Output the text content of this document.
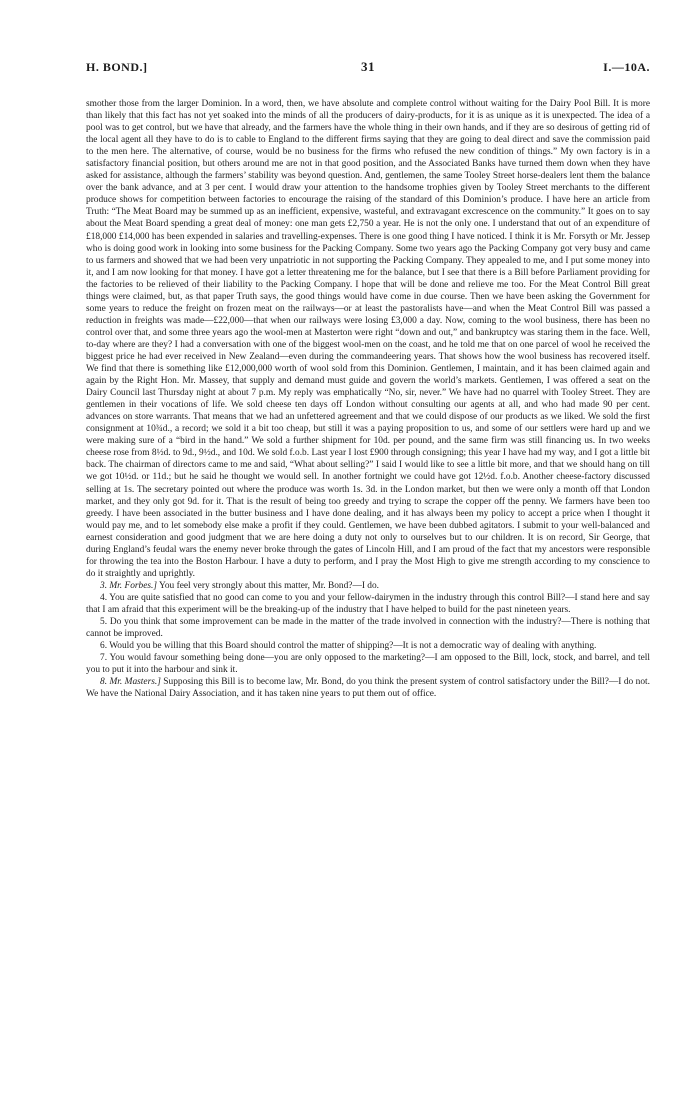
H. BOND.]	31	I.—10A.

smother those from the larger Dominion. In a word, then, we have absolute and complete control without waiting for the Dairy Pool Bill. It is more than likely that this fact has not yet soaked into the minds of all the producers of dairy-products, for it is as unique as it is unexpected. The idea of a pool was to get control, but we have that already, and the farmers have the whole thing in their own hands, and if they are so desirous of getting rid of the local agent all they have to do is to cable to England to the different firms saying that they are going to deal direct and save the commission paid to the men here. The alternative, of course, would be no business for the firms who refused the new condition of things.” My own factory is in a satisfactory financial position, but others around me are not in that good position, and the Associated Banks have turned them down when they have asked for assistance, although the farmers’ stability was beyond question. And, gentlemen, the same Tooley Street horse-dealers lent them the balance over the bank advance, and at 3 per cent. I would draw your attention to the handsome trophies given by Tooley Street merchants to the different produce shows for competition between factories to encourage the raising of the standard of this Dominion’s produce. I have here an article from Truth: “The Meat Board may be summed up as an inefficient, expensive, wasteful, and extravagant excrescence on the community.” It goes on to say about the Meat Board spending a great deal of money: one man gets £2,750 a year. He is not the only one. I understand that out of an expenditure of £18,000 £14,000 has been expended in salaries and travelling-expenses. There is one good thing I have noticed. I think it is Mr. Forsyth or Mr. Jessep who is doing good work in looking into some business for the Packing Company. Some two years ago the Packing Company got very busy and came to us farmers and showed that we had been very unpatriotic in not supporting the Packing Company. They appealed to me, and I put some money into it, and I am now looking for that money. I have got a letter threatening me for the balance, but I see that there is a Bill before Parliament providing for the factories to be relieved of their liability to the Packing Company. I hope that will be done and relieve me too. For the Meat Control Bill great things were claimed, but, as that paper Truth says, the good things would have come in due course. Then we have been asking the Government for some years to reduce the freight on frozen meat on the railways—or at least the pastoralists have—and when the Meat Control Bill was passed a reduction in freights was made—£22,000—that when our railways were losing £3,000 a day. Now, coming to the wool business, there has been no control over that, and some three years ago the wool-men at Masterton were right “down and out,” and bankruptcy was staring them in the face. Well, to-day where are they? I had a conversation with one of the biggest wool-men on the coast, and he told me that on one parcel of wool he received the biggest price he had ever received in New Zealand—even during the commandeering years. That shows how the wool business has recovered itself. We find that there is something like £12,000,000 worth of wool sold from this Dominion. Gentlemen, I maintain, and it has been claimed again and again by the Right Hon. Mr. Massey, that supply and demand must guide and govern the world’s markets. Gentlemen, I was offered a seat on the Dairy Council last Thursday night at about 7 p.m. My reply was emphatically “No, sir, never.” We have had no quarrel with Tooley Street. They are gentlemen in their vocations of life. We sold cheese ten days off London without consulting our agents at all, and who had made 90 per cent. advances on store warrants. That means that we had an unfettered agreement and that we could dispose of our products as we liked. We sold the first consignment at 10¾d., a record; we sold it a bit too cheap, but still it was a paying proposition to us, and some of our settlers were hard up and we were making sure of a “bird in the hand.” We sold a further shipment for 10d. per pound, and the same firm was still financing us. In two weeks cheese rose from 8½d. to 9d., 9½d., and 10d. We sold f.o.b. Last year I lost £900 through consigning; this year I have had my way, and I got a little bit back. The chairman of directors came to me and said, “What about selling?” I said I would like to see a little bit more, and that we should hang on till we got 10½d. or 11d.; but he said he thought we would sell. In another fortnight we could have got 12½d. f.o.b. Another cheese-factory discussed selling at 1s. The secretary pointed out where the produce was worth 1s. 3d. in the London market, but then we were only a month off that London market, and they only got 9d. for it. That is the result of being too greedy and trying to scrape the copper off the penny. We farmers have been too greedy. I have been associated in the butter business and I have done dealing, and it has always been my policy to accept a price when I thought it would pay me, and to let somebody else make a profit if they could. Gentlemen, we have been dubbed agitators. I submit to your well-balanced and earnest consideration and good judgment that we are here doing a duty not only to ourselves but to our children. It is on record, Sir George, that during England’s feudal wars the enemy never broke through the gates of Lincoln Hill, and I am proud of the fact that my ancestors were responsible for throwing the tea into the Boston Harbour. I have a duty to perform, and I pray the Most High to give me strength according to my conscience to do it straightly and uprightly.

3. Mr. Forbes.] You feel very strongly about this matter, Mr. Bond?—I do.

4. You are quite satisfied that no good can come to you and your fellow-dairymen in the industry through this control Bill?—I stand here and say that I am afraid that this experiment will be the breaking-up of the industry that I have helped to build for the past nineteen years.

5. Do you think that some improvement can be made in the matter of the trade involved in connection with the industry?—There is nothing that cannot be improved.

6. Would you be willing that this Board should control the matter of shipping?—It is not a democratic way of dealing with anything.

7. You would favour something being done—you are only opposed to the marketing?—I am opposed to the Bill, lock, stock, and barrel, and tell you to put it into the harbour and sink it.

8. Mr. Masters.] Supposing this Bill is to become law, Mr. Bond, do you think the present system of control satisfactory under the Bill?—I do not. We have the National Dairy Association, and it has taken nine years to put them out of office.
